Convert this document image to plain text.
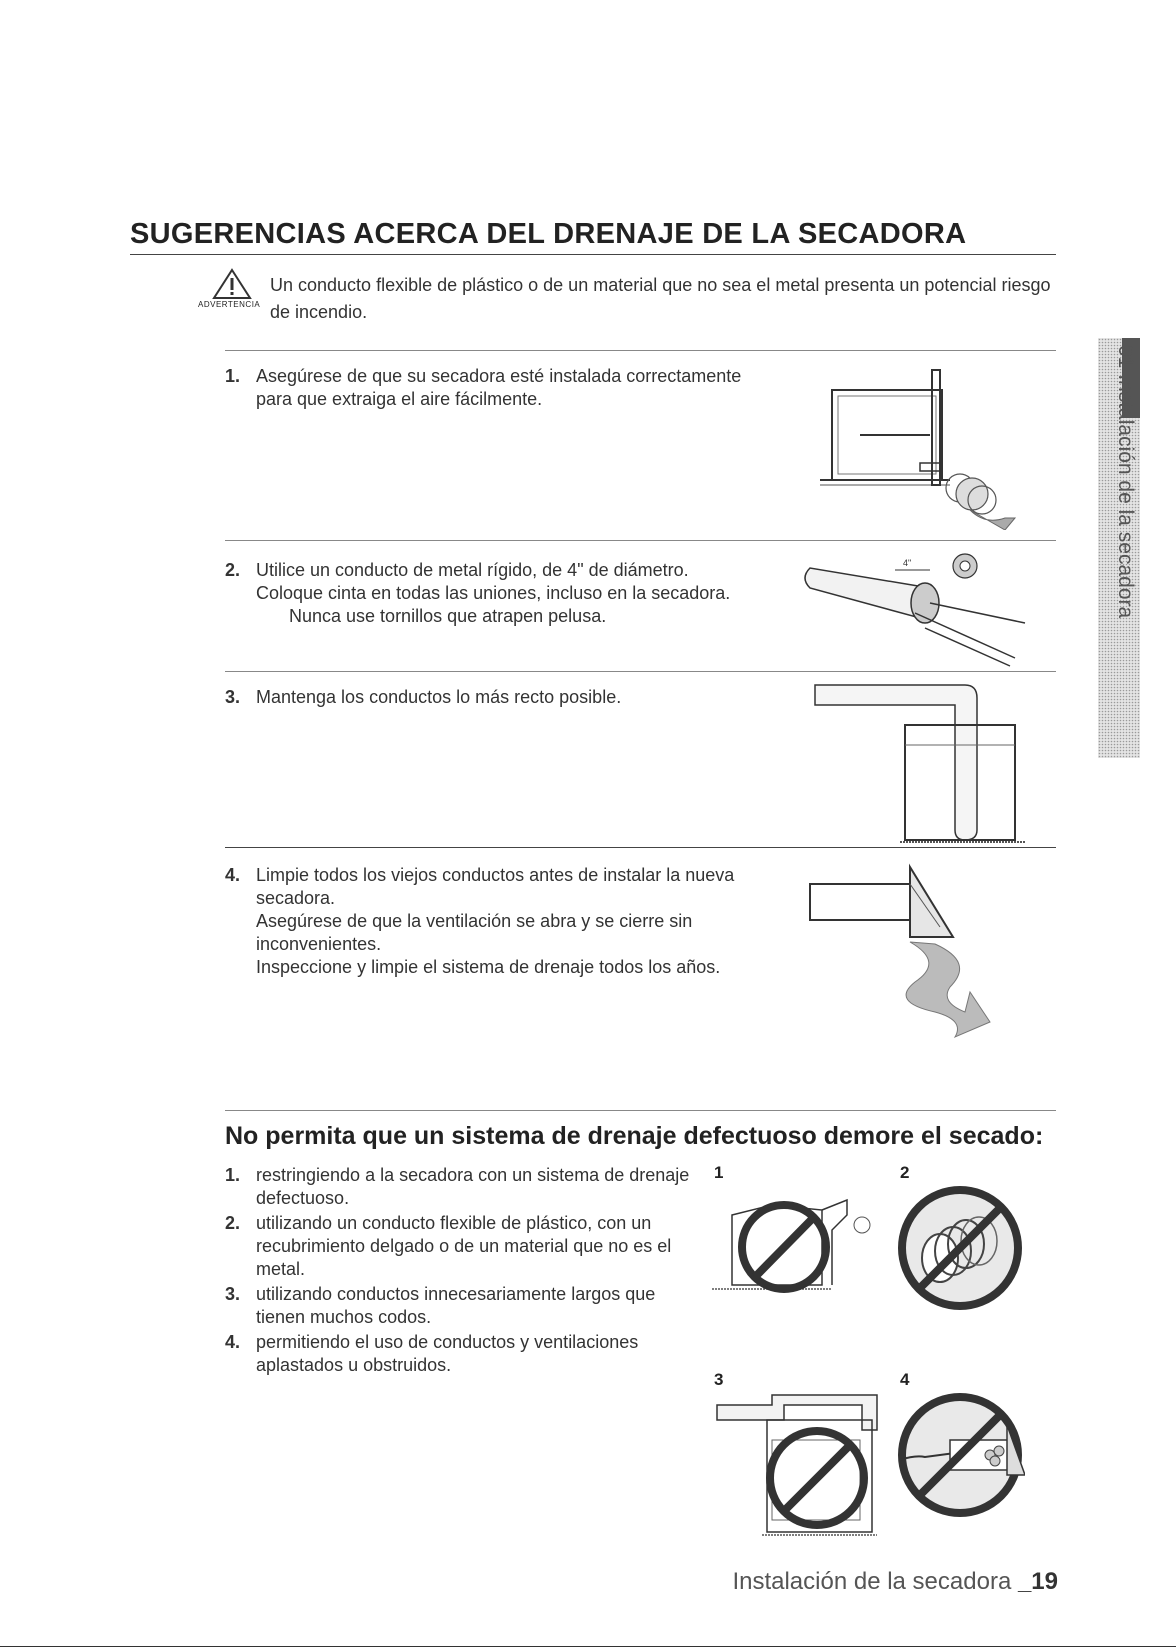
SUGERENCIAS ACERCA DEL DRENAJE DE LA SECADORA
ADVERTENCIA

Un conducto flexible de plástico o de un material que no sea el metal presenta un potencial riesgo de incendio.

1. Asegúrese de que su secadora esté instalada correctamente

para que extraiga el aire fácilmente.

2. Utilice un conducto de metal rígido, de 4" de diámetro.

Coloque cinta en todas las uniones, incluso en la secadora.

Nunca use tornillos que atrapen pelusa.

4"
3. Mantenga los conductos lo más recto posible.

4. Limpie todos los viejos conductos antes de instalar la nueva

secadora.

Asegúrese de que la ventilación se abra y se cierre sin

inconvenientes.

Inspeccione y limpie el sistema de drenaje todos los años.

No permita que un sistema de drenaje defectuoso demore el secado:
1. restringiendo a la secadora con un sistema de drenaje defectuoso.
2. utilizando un conducto flexible de plástico, con un recubrimiento delgado o de un material que no es el metal.
3. utilizando conductos innecesariamente largos que tienen muchos codos.
4. permitiendo el uso de conductos y ventilaciones aplastados u obstruidos.
1	2
3	4
01 Instalación de la secadora
Instalación de la secadora _19
